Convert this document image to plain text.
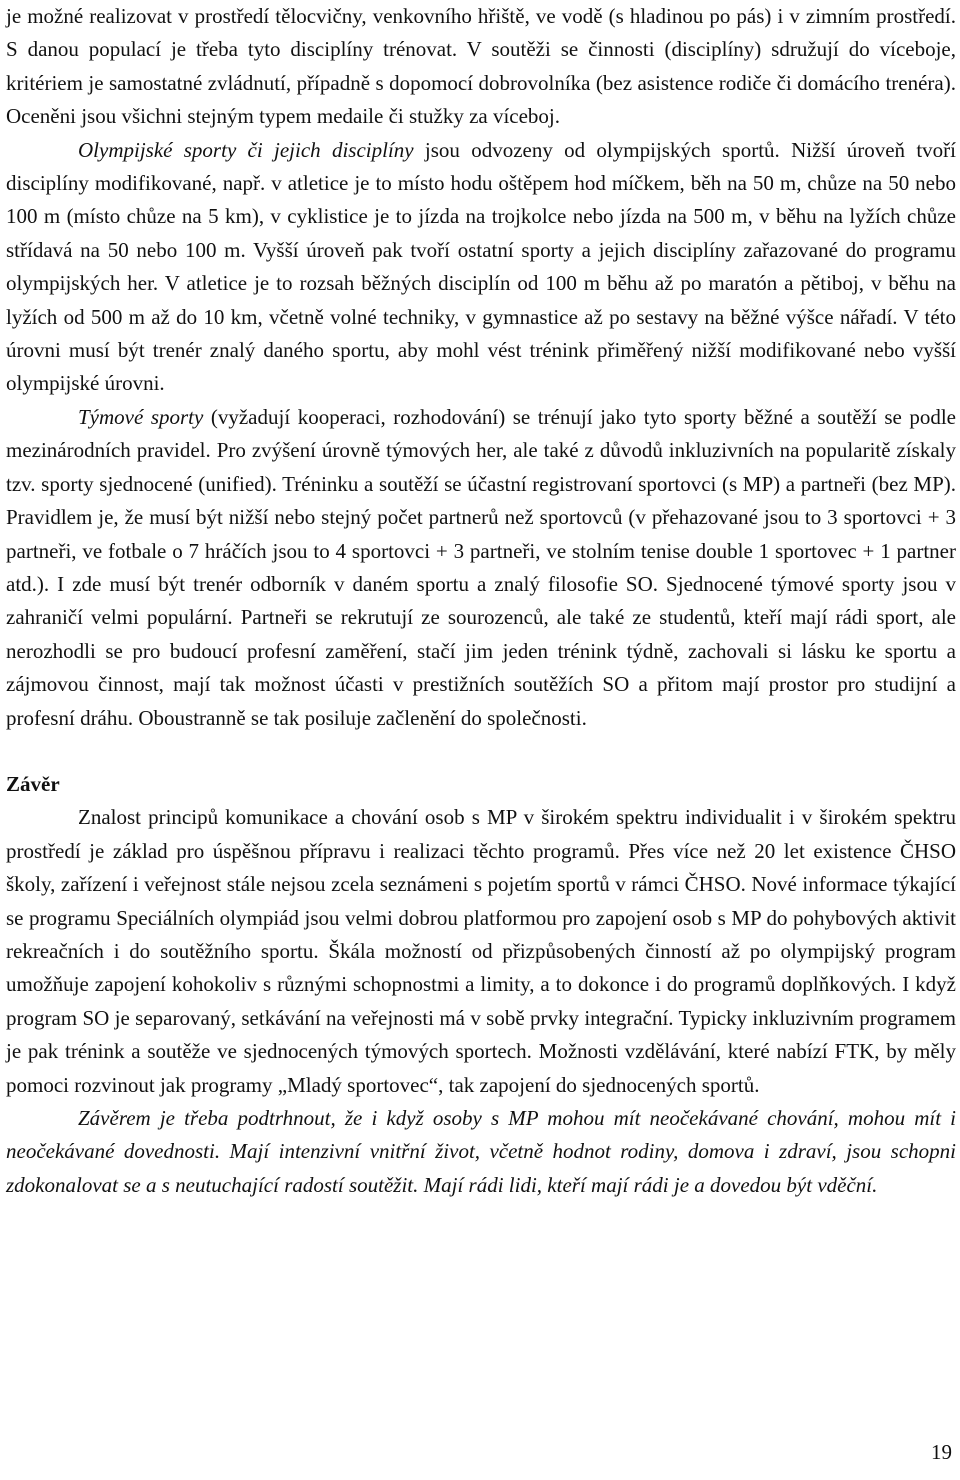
je možné realizovat v prostředí tělocvičny, venkovního hřiště, ve vodě (s hladinou po pás) i v zimním prostředí. S danou populací je třeba tyto disciplíny trénovat. V soutěži se činnosti (disciplíny) sdružují do víceboje, kritériem je samostatné zvládnutí, případně s dopomocí dobrovolníka (bez asistence rodiče či domácího trenéra). Oceněni jsou všichni stejným typem medaile či stužky za víceboj.

Olympijské sporty či jejich disciplíny jsou odvozeny od olympijských sportů. Nižší úroveň tvoří disciplíny modifikované, např. v atletice je to místo hodu oštěpem hod míčkem, běh na 50 m, chůze na 50 nebo 100 m (místo chůze na 5 km), v cyklistice je to jízda na trojkolce nebo jízda na 500 m, v běhu na lyžích chůze střídavá na 50 nebo 100 m. Vyšší úroveň pak tvoří ostatní sporty a jejich disciplíny zařazované do programu olympijských her. V atletice je to rozsah běžných disciplín od 100 m běhu až po maratón a pětiboj, v běhu na lyžích od 500 m až do 10 km, včetně volné techniky, v gymnastice až po sestavy na běžné výšce nářadí. V této úrovni musí být trenér znalý daného sportu, aby mohl vést trénink přiměřený nižší modifikované nebo vyšší olympijské úrovni.

Týmové sporty (vyžadují kooperaci, rozhodování) se trénují jako tyto sporty běžné a soutěží se podle mezinárodních pravidel. Pro zvýšení úrovně týmových her, ale také z důvodů inkluzivních na popularitě získaly tzv. sporty sjednocené (unified). Tréninku a soutěží se účastní registrovaní sportovci (s MP) a partneři (bez MP). Pravidlem je, že musí být nižší nebo stejný počet partnerů než sportovců (v přehazované jsou to 3 sportovci + 3 partneři, ve fotbale o 7 hráčích jsou to 4 sportovci + 3 partneři, ve stolním tenise double 1 sportovec + 1 partner atd.). I zde musí být trenér odborník v daném sportu a znalý filosofie SO. Sjednocené týmové sporty jsou v zahraničí velmi populární. Partneři se rekrutují ze sourozenců, ale také ze studentů, kteří mají rádi sport, ale nerozhodli se pro budoucí profesní zaměření, stačí jim jeden trénink týdně, zachovali si lásku ke sportu a zájmovou činnost, mají tak možnost účasti v prestižních soutěžích SO a přitom mají prostor pro studijní a profesní dráhu. Oboustranně se tak posiluje začlenění do společnosti.

Závěr

Znalost principů komunikace a chování osob s MP v širokém spektru individualit i v širokém spektru prostředí je základ pro úspěšnou přípravu i realizaci těchto programů. Přes více než 20 let existence ČHSO školy, zařízení i veřejnost stále nejsou zcela seznámeni s pojetím sportů v rámci ČHSO. Nové informace týkající se programu Speciálních olympiád jsou velmi dobrou platformou pro zapojení osob s MP do pohybových aktivit rekreačních i do soutěžního sportu. Škála možností od přizpůsobených činností až po olympijský program umožňuje zapojení kohokoliv s různými schopnostmi a limity, a to dokonce i do programů doplňkových. I když program SO je separovaný, setkávání na veřejnosti má v sobě prvky integrační. Typicky inkluzivním programem je pak trénink a soutěže ve sjednocených týmových sportech. Možnosti vzdělávání, které nabízí FTK, by měly pomoci rozvinout jak programy „Mladý sportovec“, tak zapojení do sjednocených sportů.

Závěrem je třeba podtrhnout, že i když osoby s MP mohou mít neočekávané chování, mohou mít i neočekávané dovednosti. Mají intenzivní vnitřní život, včetně hodnot rodiny, domova i zdraví, jsou schopni zdokonalovat se a s neutuchající radostí soutěžit. Mají rádi lidi, kteří mají rádi je a dovedou být vděční.

19
